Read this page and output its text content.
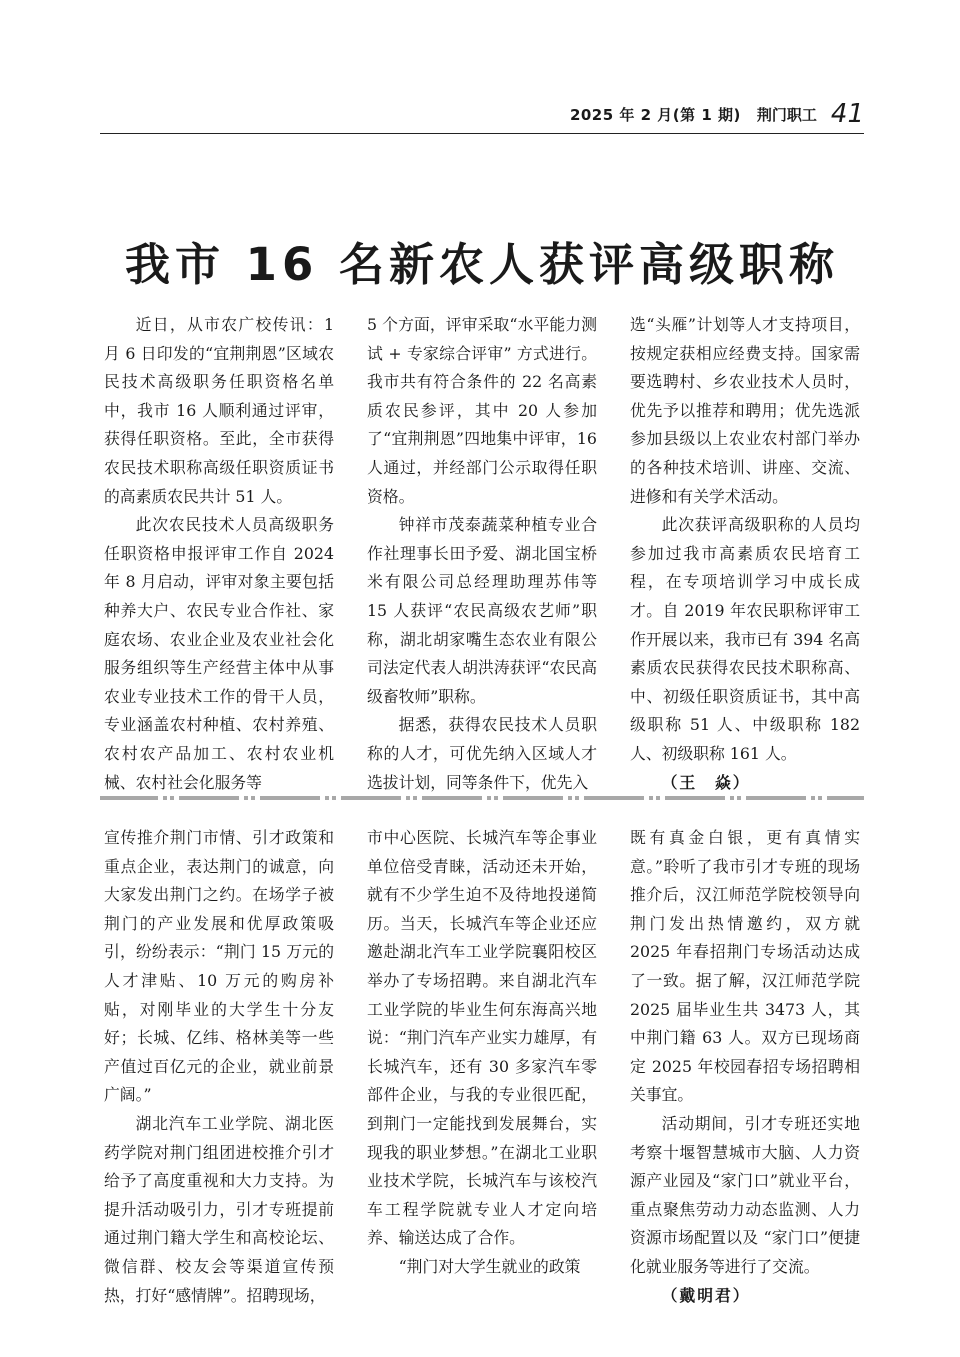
2025 年 2 月(第 1 期) 荆门职工 41
我市 16 名新农人获评高级职称

近日，从市农广校传讯：1月 6 日印发的“宜荆荆恩”区域农民技术高级职务任职资格名单中，我市 16 人顺利通过评审，获得任职资格。至此，全市获得农民技术职称高级任职资质证书的高素质农民共计 51 人。

此次农民技术人员高级职务任职资格申报评审工作自 2024 年 8 月启动，评审对象主要包括种养大户、农民专业合作社、家庭农场、农业企业及农业社会化服务组织等生产经营主体中从事农业专业技术工作的骨干人员，专业涵盖农村种植、农村养殖、农村农产品加工、农村农业机械、农村社会化服务等

5 个方面，评审采取“水平能力测试 + 专家综合评审” 方式进行。我市共有符合条件的 22 名高素质农民参评，其中 20 人参加了“宜荆荆恩”四地集中评审，16 人通过，并经部门公示取得任职资格。

钟祥市茂泰蔬菜种植专业合作社理事长田予爱、湖北国宝桥米有限公司总经理助理苏伟等 15 人获评“农民高级农艺师”职称，湖北胡家嘴生态农业有限公司法定代表人胡洪涛获评“农民高级畜牧师”职称。

据悉，获得农民技术人员职称的人才，可优先纳入区域人才选拔计划，同等条件下，优先入

选“头雁”计划等人才支持项目，按规定获相应经费支持。国家需要选聘村、乡农业技术人员时，优先予以推荐和聘用；优先选派参加县级以上农业农村部门举办的各种技术培训、讲座、交流、进修和有关学术活动。

此次获评高级职称的人员均参加过我市高素质农民培育工程，在专项培训学习中成长成才。自 2019 年农民职称评审工作开展以来，我市已有 394 名高素质农民获得农民技术职称高、中、初级任职资质证书，其中高级职称 51 人、中级职称 182 人、初级职称 161 人。

（王　焱）

宣传推介荆门市情、引才政策和重点企业，表达荆门的诚意，向大家发出荆门之约。在场学子被荆门的产业发展和优厚政策吸引，纷纷表示：“荆门 15 万元的人才津贴、10 万元的购房补贴，对刚毕业的大学生十分友好；长城、亿纬、格林美等一些产值过百亿元的企业，就业前景广阔。”

湖北汽车工业学院、湖北医药学院对荆门组团进校推介引才给予了高度重视和大力支持。为提升活动吸引力，引才专班提前通过荆门籍大学生和高校论坛、微信群、校友会等渠道宣传预热，打好“感情牌”。招聘现场，

市中心医院、长城汽车等企事业单位倍受青睐，活动还未开始，就有不少学生迫不及待地投递简历。当天，长城汽车等企业还应邀赴湖北汽车工业学院襄阳校区举办了专场招聘。来自湖北汽车工业学院的毕业生何东海高兴地说：“荆门汽车产业实力雄厚，有长城汽车，还有 30 多家汽车零部件企业，与我的专业很匹配，到荆门一定能找到发展舞台，实现我的职业梦想。”在湖北工业职业技术学院，长城汽车与该校汽车工程学院就专业人才定向培养、输送达成了合作。

“荆门对大学生就业的政策

既有真金白银，更有真情实意。”聆听了我市引才专班的现场推介后，汉江师范学院校领导向荆门发出热情邀约，双方就 2025 年春招荆门专场活动达成了一致。据了解，汉江师范学院 2025 届毕业生共 3473 人，其中荆门籍 63 人。双方已现场商定 2025 年校园春招专场招聘相关事宜。

活动期间，引才专班还实地考察十堰智慧城市大脑、人力资源产业园及“家门口”就业平台，重点聚焦劳动力动态监测、人力资源市场配置以及 “家门口”便捷化就业服务等进行了交流。

（戴明君）
